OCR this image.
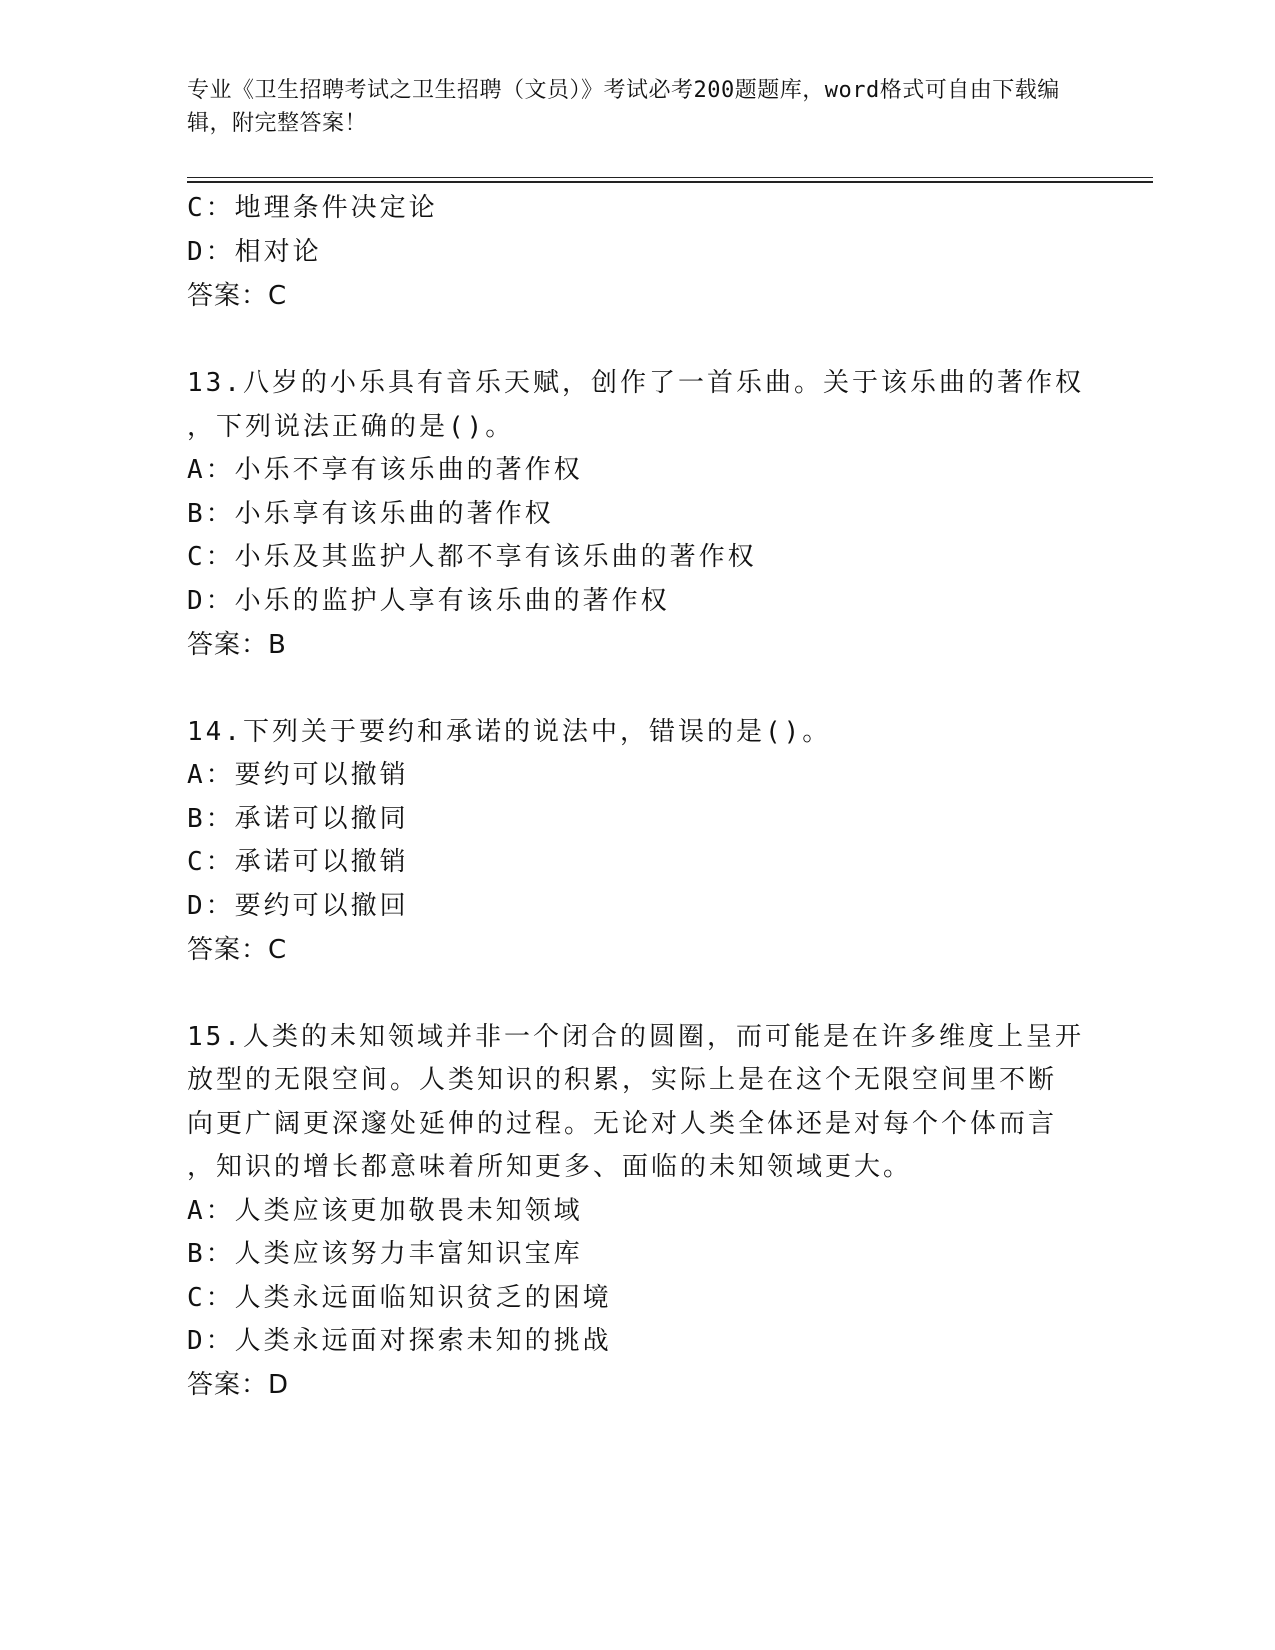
专业《卫生招聘考试之卫生招聘（文员）》考试必考200题题库，word格式可自由下载编辑，附完整答案！
C：地理条件决定论
D：相对论
答案：C
13.八岁的小乐具有音乐天赋，创作了一首乐曲。关于该乐曲的著作权
，下列说法正确的是()。
A：小乐不享有该乐曲的著作权
B：小乐享有该乐曲的著作权
C：小乐及其监护人都不享有该乐曲的著作权
D：小乐的监护人享有该乐曲的著作权
答案：B
14.下列关于要约和承诺的说法中，错误的是()。
A：要约可以撤销
B：承诺可以撤同
C：承诺可以撤销
D：要约可以撤回
答案：C
15.人类的未知领域并非一个闭合的圆圈，而可能是在许多维度上呈开
放型的无限空间。人类知识的积累，实际上是在这个无限空间里不断
向更广阔更深邃处延伸的过程。无论对人类全体还是对每个个体而言
，知识的增长都意味着所知更多、面临的未知领域更大。
A：人类应该更加敬畏未知领域
B：人类应该努力丰富知识宝库
C：人类永远面临知识贫乏的困境
D：人类永远面对探索未知的挑战
答案：D
